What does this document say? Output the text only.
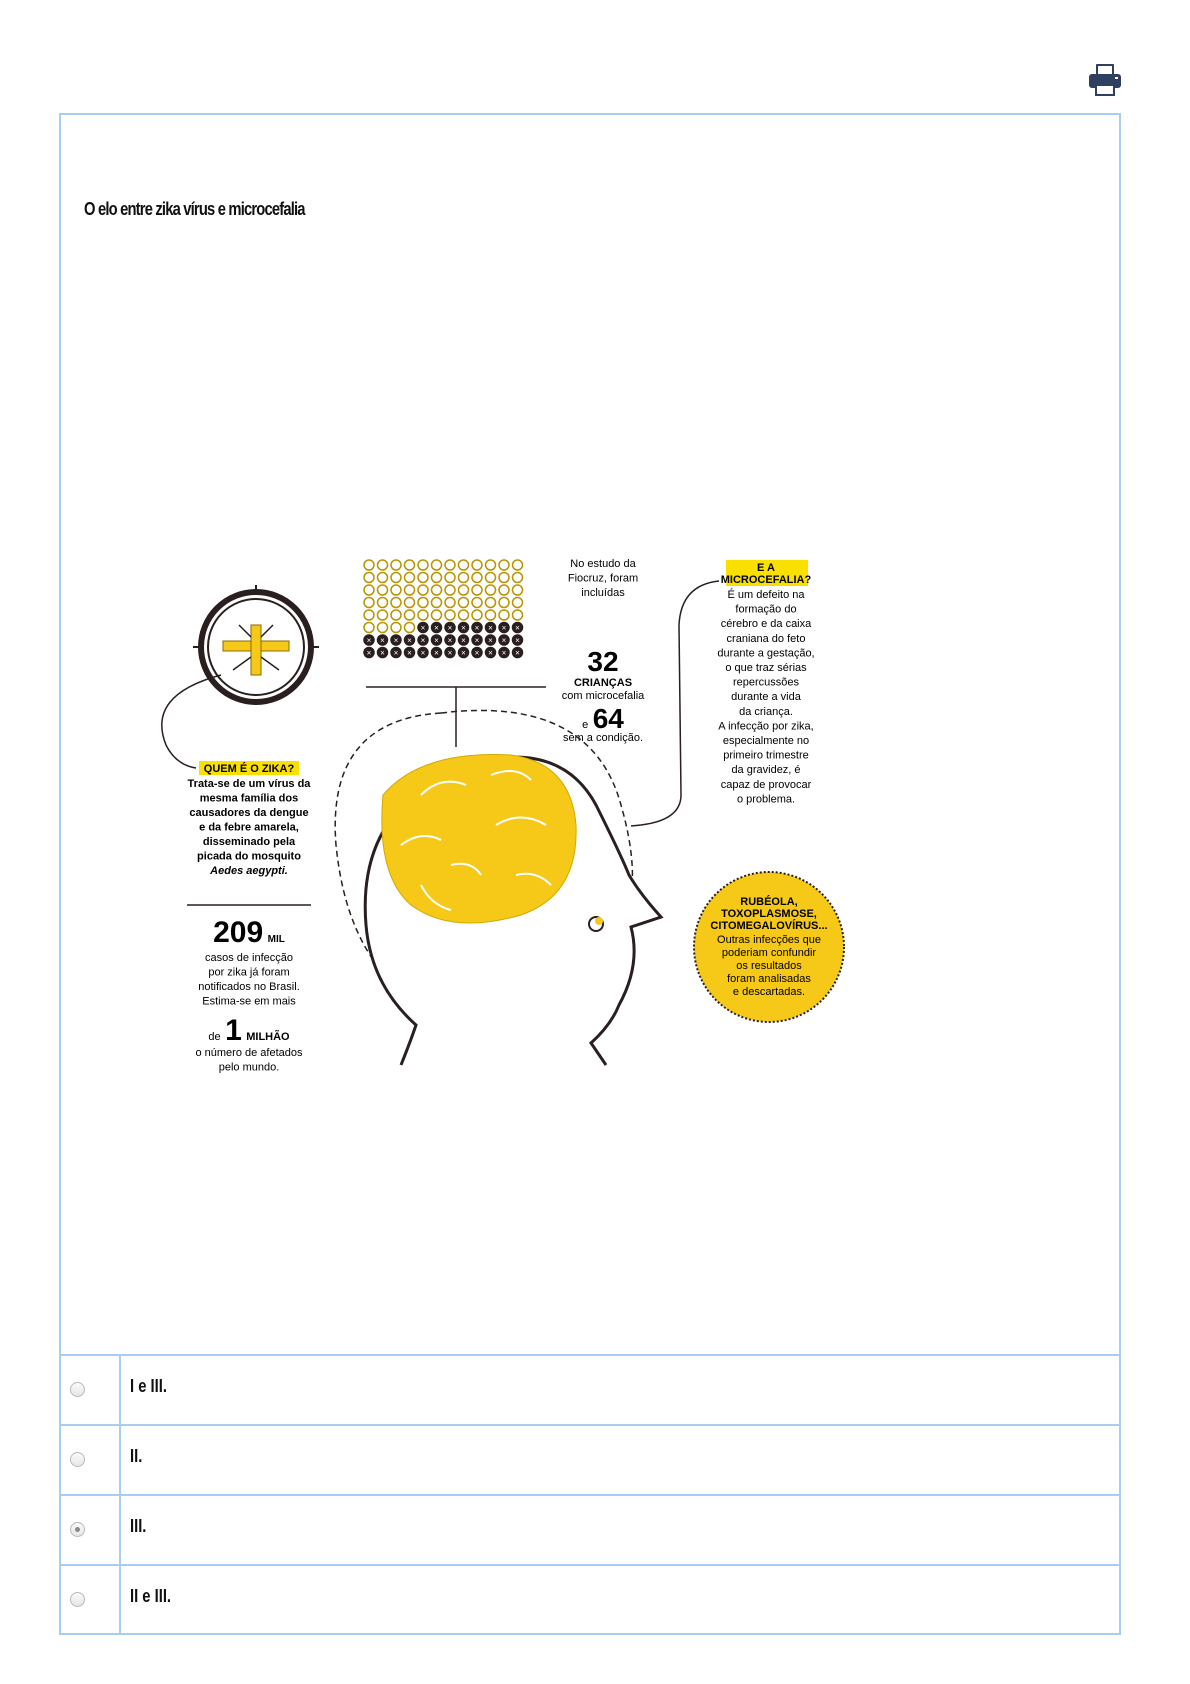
O elo entre zika vírus e microcefalia
QUEM É O ZIKA?
Trata-se de um vírus da
mesma família dos
causadores da dengue
e da febre amarela,
disseminado pela
picada do mosquito
Aedes aegypti.
209 MIL
casos de infecção
por zika já foram
notificados no Brasil.
Estima-se em mais
de 1 MILHÃO
o número de afetados
pelo mundo.
× × × × × × × ×
× × × × × × × × × × × ×
× × × × × × × × × × × ×
No estudo da
Fiocruz, foram
incluídas
32
CRIANÇAS
com microcefalia
e 64
sem a condição.
E A
MICROCEFALIA?
É um defeito na
formação do
cérebro e da caixa
craniana do feto
durante a gestação,
o que traz sérias
repercussões
durante a vida
da criança.
A infecção por zika,
especialmente no
primeiro trimestre
da gravidez, é
capaz de provocar
o problema.
RUBÉOLA,
TOXOPLASMOSE,
CITOMEGALOVÍRUS...
Outras infecções que
poderiam confundir
os resultados
foram analisadas
e descartadas.
I e III.
II.
III.
II e III.
